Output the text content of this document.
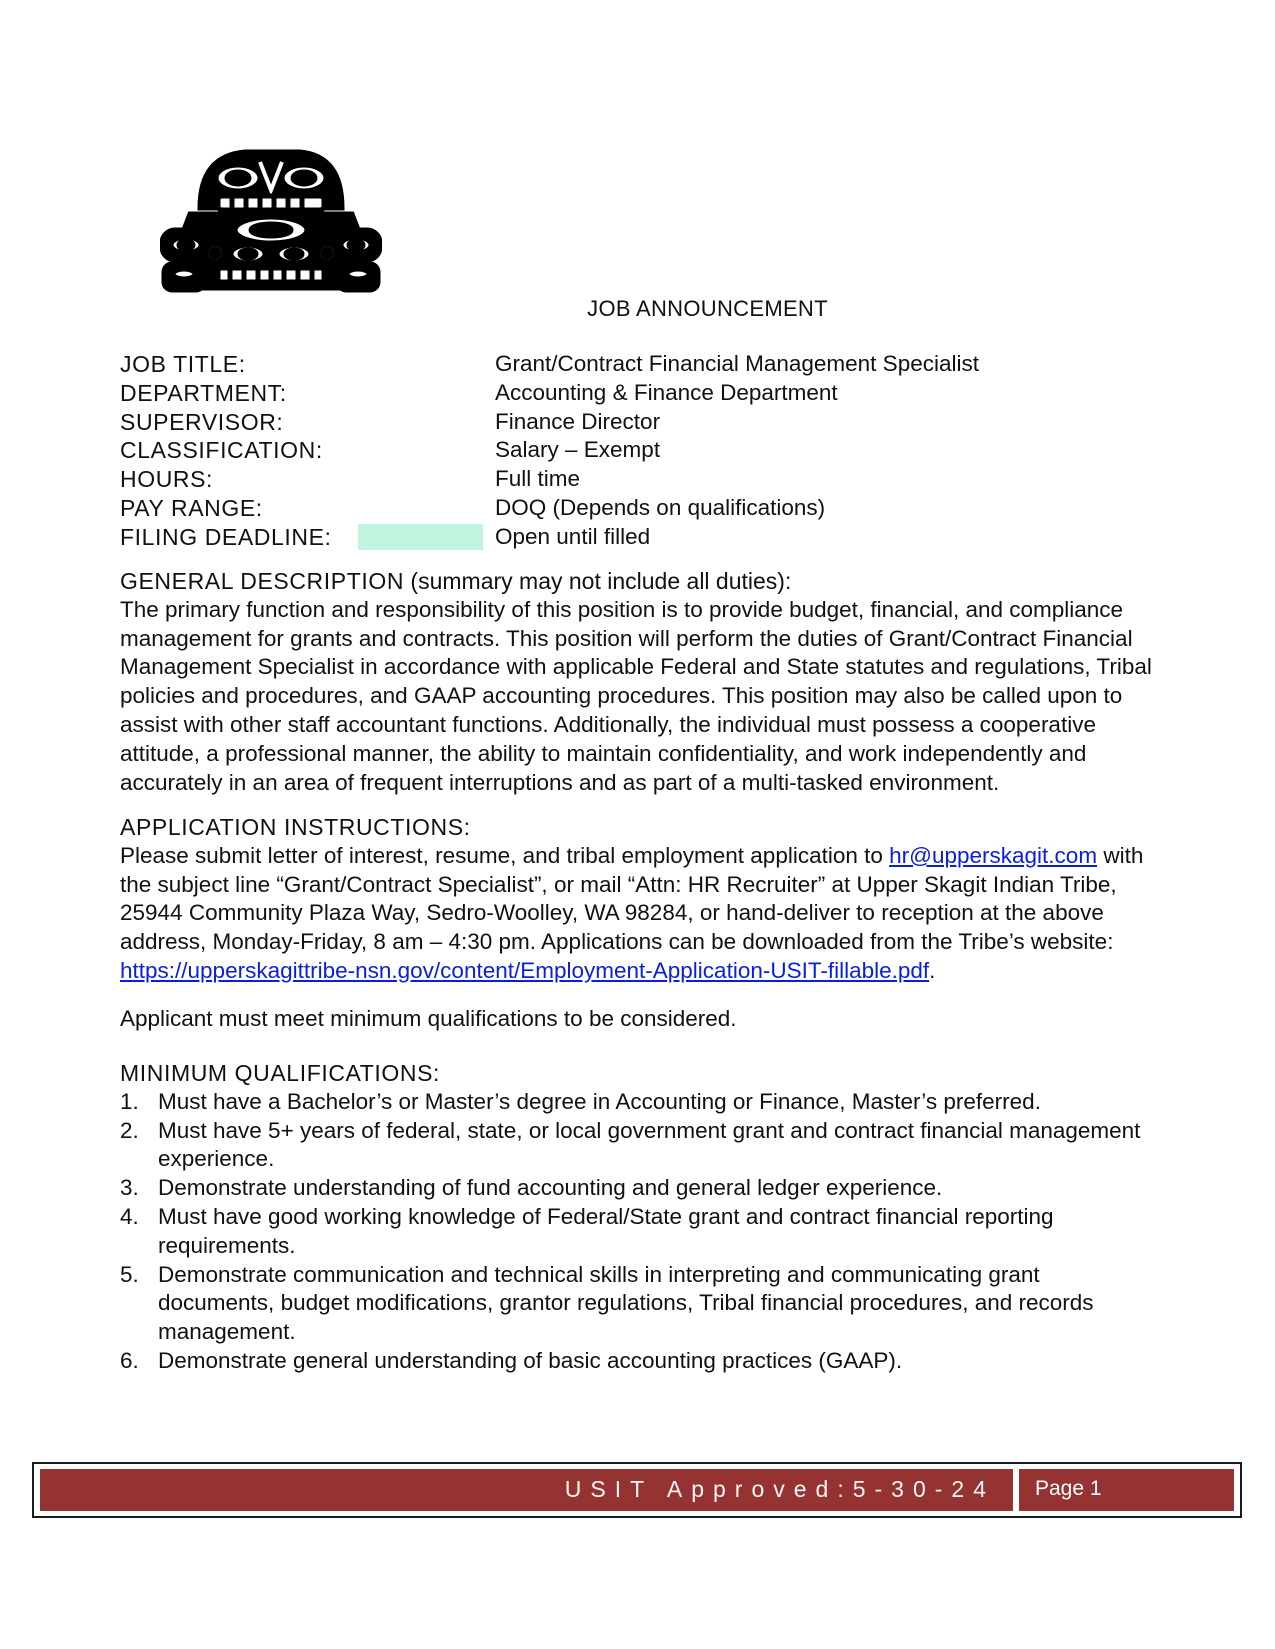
JOB ANNOUNCEMENT
JOB TITLE:	Grant/Contract Financial Management Specialist
DEPARTMENT:	Accounting & Finance Department
SUPERVISOR:	Finance Director
CLASSIFICATION:	Salary – Exempt
HOURS:	Full time
PAY RANGE:	DOQ (Depends on qualifications)
FILING DEADLINE:	Open until filled
GENERAL DESCRIPTION (summary may not include all duties):

The primary function and responsibility of this position is to provide budget, financial, and compliance management for grants and contracts. This position will perform the duties of Grant/Contract Financial Management Specialist in accordance with applicable Federal and State statutes and regulations, Tribal policies and procedures, and GAAP accounting procedures. This position may also be called upon to assist with other staff accountant functions. Additionally, the individual must possess a cooperative attitude, a professional manner, the ability to maintain confidentiality, and work independently and accurately in an area of frequent interruptions and as part of a multi-tasked environment.

APPLICATION INSTRUCTIONS:

Please submit letter of interest, resume, and tribal employment application to hr@upperskagit.com with the subject line “Grant/Contract Specialist”, or mail “Attn: HR Recruiter” at Upper Skagit Indian Tribe, 25944 Community Plaza Way, Sedro-Woolley, WA 98284, or hand-deliver to reception at the above address, Monday-Friday, 8 am – 4:30 pm. Applications can be downloaded from the Tribe’s website: https://upperskagittribe-nsn.gov/content/Employment-Application-USIT-fillable.pdf.

Applicant must meet minimum qualifications to be considered.

MINIMUM QUALIFICATIONS:
1. Must have a Bachelor’s or Master’s degree in Accounting or Finance, Master’s preferred.
2. Must have 5+ years of federal, state, or local government grant and contract financial management experience.
3. Demonstrate understanding of fund accounting and general ledger experience.
4. Must have good working knowledge of Federal/State grant and contract financial reporting requirements.
5. Demonstrate communication and technical skills in interpreting and communicating grant documents, budget modifications, grantor regulations, Tribal financial procedures, and records management.
6. Demonstrate general understanding of basic accounting practices (GAAP).
USIT Approved:5-30-24 Page 1
